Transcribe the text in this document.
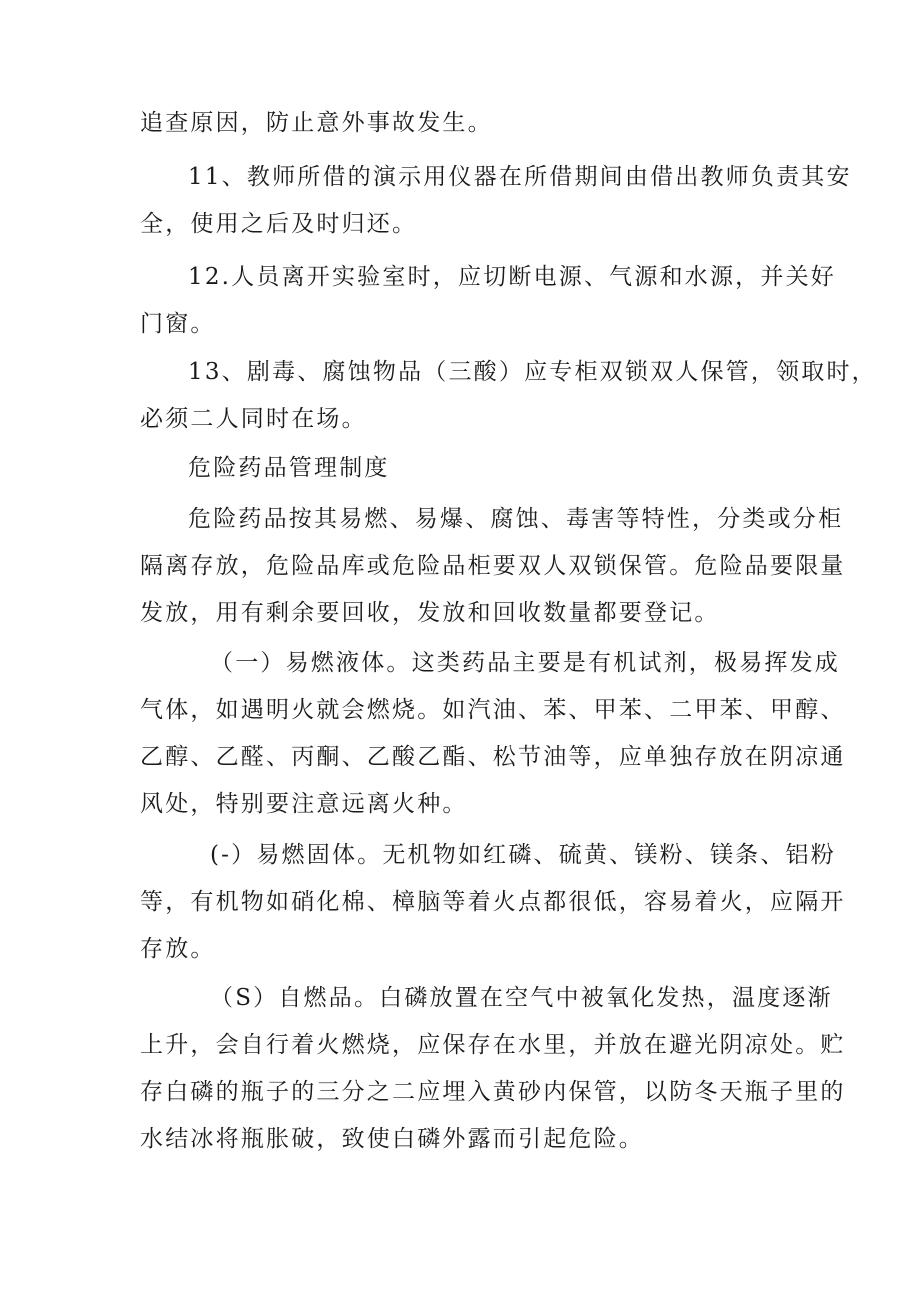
追查原因，防止意外事故发生。
11、教师所借的演示用仪器在所借期间由借出教师负责其安
全，使用之后及时归还。
12.人员离开实验室时，应切断电源、气源和水源，并关好
门窗。
13、剧毒、腐蚀物品（三酸）应专柜双锁双人保管，领取时，
必须二人同时在场。
危险药品管理制度
危险药品按其易燃、易爆、腐蚀、毒害等特性，分类或分柜
隔离存放，危险品库或危险品柜要双人双锁保管。危险品要限量
发放，用有剩余要回收，发放和回收数量都要登记。
（一）易燃液体。这类药品主要是有机试剂，极易挥发成
气体，如遇明火就会燃烧。如汽油、苯、甲苯、二甲苯、甲醇、
乙醇、乙醛、丙酮、乙酸乙酯、松节油等，应单独存放在阴凉通
风处，特别要注意远离火种。
(-）易燃固体。无机物如红磷、硫黄、镁粉、镁条、铝粉
等，有机物如硝化棉、樟脑等着火点都很低，容易着火，应隔开
存放。
（S）自燃品。白磷放置在空气中被氧化发热，温度逐渐
上升，会自行着火燃烧，应保存在水里，并放在避光阴凉处。贮
存白磷的瓶子的三分之二应埋入黄砂内保管，以防冬天瓶子里的
水结冰将瓶胀破，致使白磷外露而引起危险。
